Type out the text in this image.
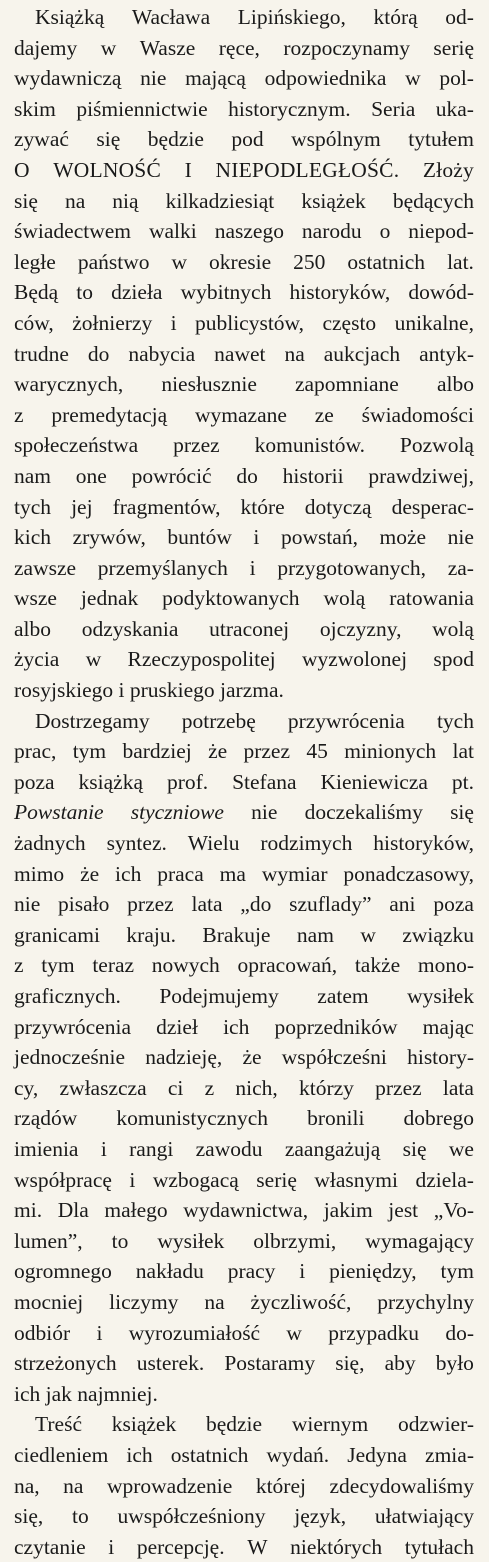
Książką Wacława Lipińskiego, którą od-
dajemy w Wasze ręce, rozpoczynamy serię
wydawniczą nie mającą odpowiednika w pol-
skim piśmiennictwie historycznym. Seria uka-
zywać się będzie pod wspólnym tytułem
O WOLNOŚĆ I NIEPODLEGŁOŚĆ. Złoży
się na nią kilkadziesiąt książek będących
świadectwem walki naszego narodu o niepod-
ległe państwo w okresie 250 ostatnich lat.
Będą to dzieła wybitnych historyków, dowód-
ców, żołnierzy i publicystów, często unikalne,
trudne do nabycia nawet na aukcjach antyk-
warycznych, niesłusznie zapomniane albo
z premedytacją wymazane ze świadomości
społeczeństwa przez komunistów. Pozwolą
nam one powrócić do historii prawdziwej,
tych jej fragmentów, które dotyczą desperac-
kich zrywów, buntów i powstań, może nie
zawsze przemyślanych i przygotowanych, za-
wsze jednak podyktowanych wolą ratowania
albo odzyskania utraconej ojczyzny, wolą
życia w Rzeczypospolitej wyzwolonej spod
rosyjskiego i pruskiego jarzma.
Dostrzegamy potrzebę przywrócenia tych
prac, tym bardziej że przez 45 minionych lat
poza książką prof. Stefana Kieniewicza pt.
Powstanie styczniowe nie doczekaliśmy się
żadnych syntez. Wielu rodzimych historyków,
mimo że ich praca ma wymiar ponadczasowy,
nie pisało przez lata „do szuflady” ani poza
granicami kraju. Brakuje nam w związku
z tym teraz nowych opracowań, także mono-
graficznych. Podejmujemy zatem wysiłek
przywrócenia dzieł ich poprzedników mając
jednocześnie nadzieję, że współcześni history-
cy, zwłaszcza ci z nich, którzy przez lata
rządów komunistycznych bronili dobrego
imienia i rangi zawodu zaangażują się we
współpracę i wzbogacą serię własnymi dziela-
mi. Dla małego wydawnictwa, jakim jest „Vo-
lumen”, to wysiłek olbrzymi, wymagający
ogromnego nakładu pracy i pieniędzy, tym
mocniej liczymy na życzliwość, przychylny
odbiór i wyrozumiałość w przypadku do-
strzeżonych usterek. Postaramy się, aby było
ich jak najmniej.
Treść książek będzie wiernym odzwier-
ciedleniem ich ostatnich wydań. Jedyna zmia-
na, na wprowadzenie której zdecydowaliśmy
się, to uwspółcześniony język, ułatwiający
czytanie i percepcję. W niektórych tytułach
